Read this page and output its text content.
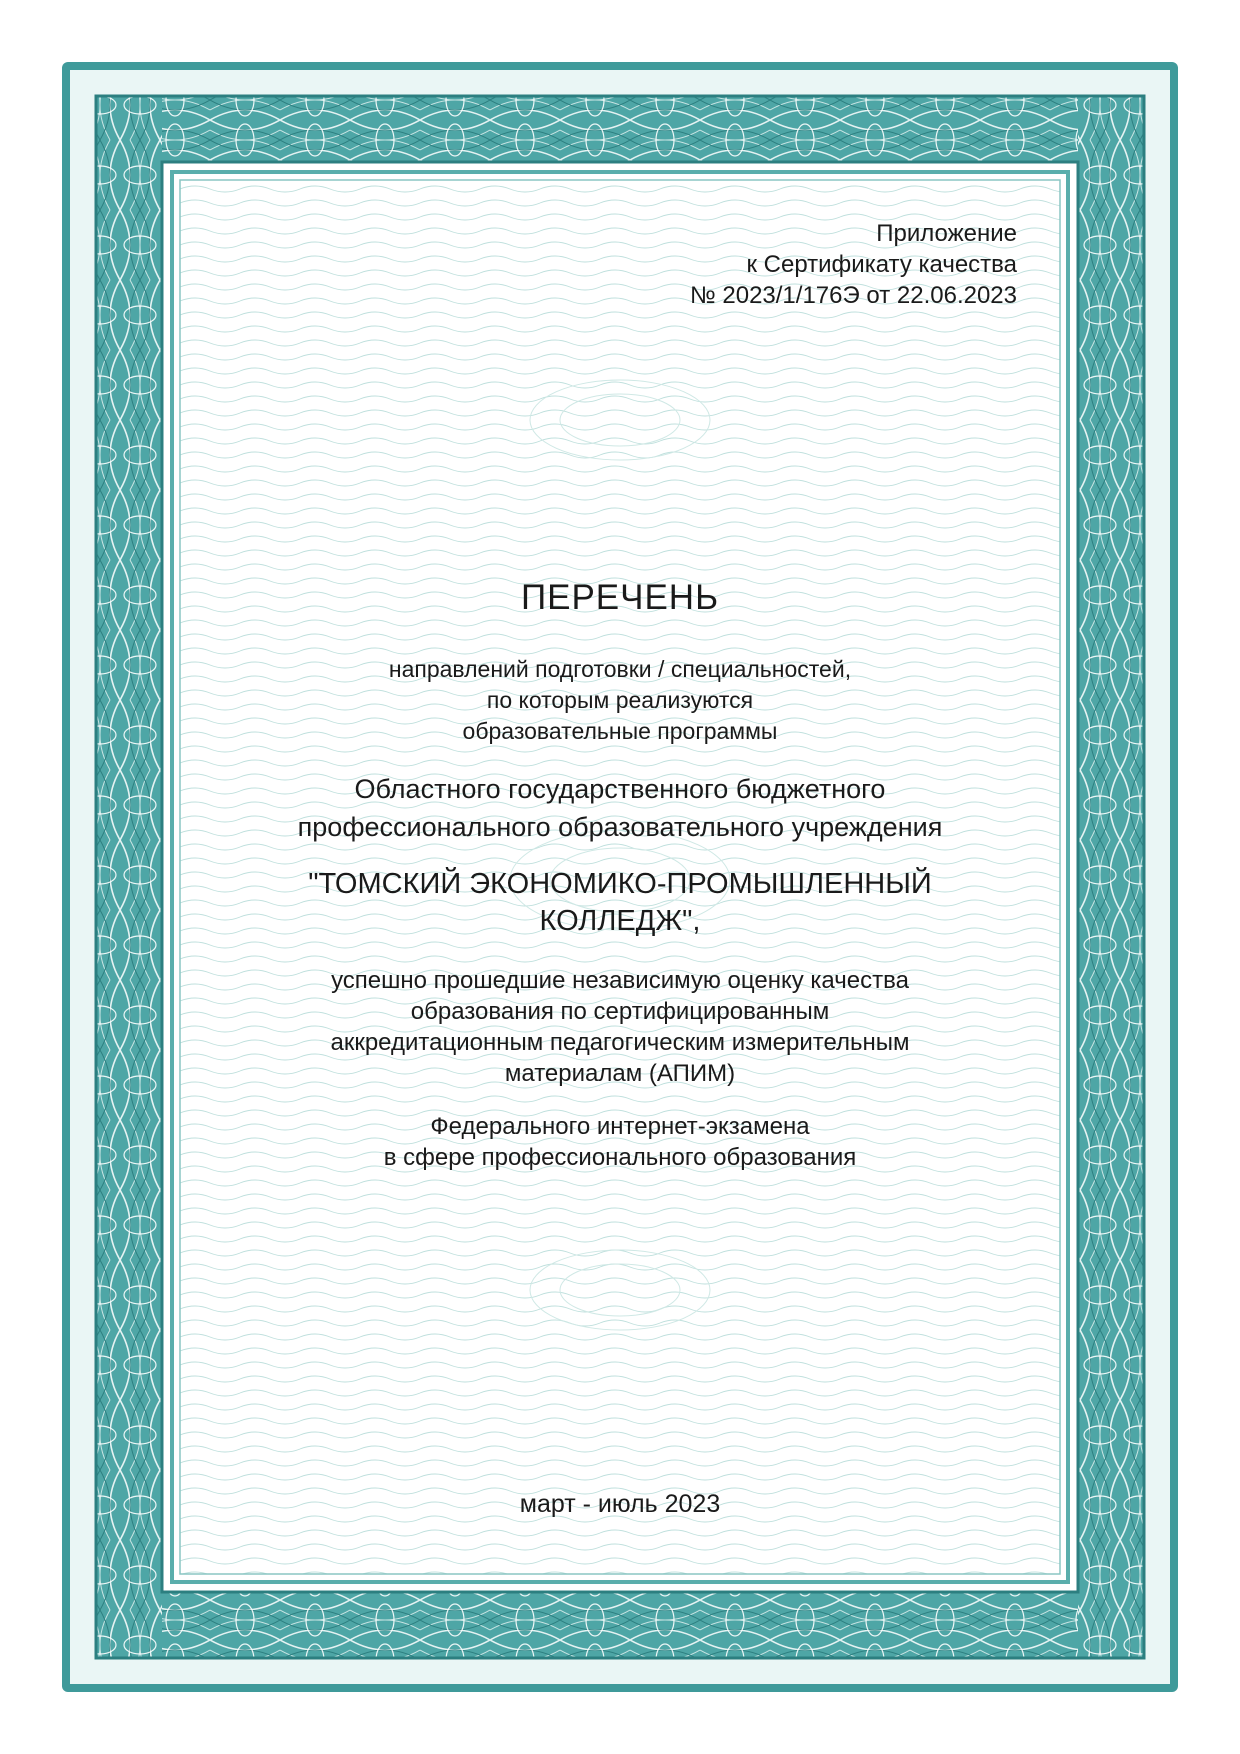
Приложение
к Сертификату качества
№ 2023/1/176Э от 22.06.2023

ПЕРЕЧЕНЬ

направлений подготовки / специальностей,
по которым реализуются
образовательные программы

Областного государственного бюджетного
профессионального образовательного учреждения

"ТОМСКИЙ ЭКОНОМИКО-ПРОМЫШЛЕННЫЙ
КОЛЛЕДЖ",

успешно прошедшие независимую оценку качества
образования по сертифицированным
аккредитационным педагогическим измерительным
материалам (АПИМ)

Федерального интернет-экзамена
в сфере профессионального образования

март - июль 2023
